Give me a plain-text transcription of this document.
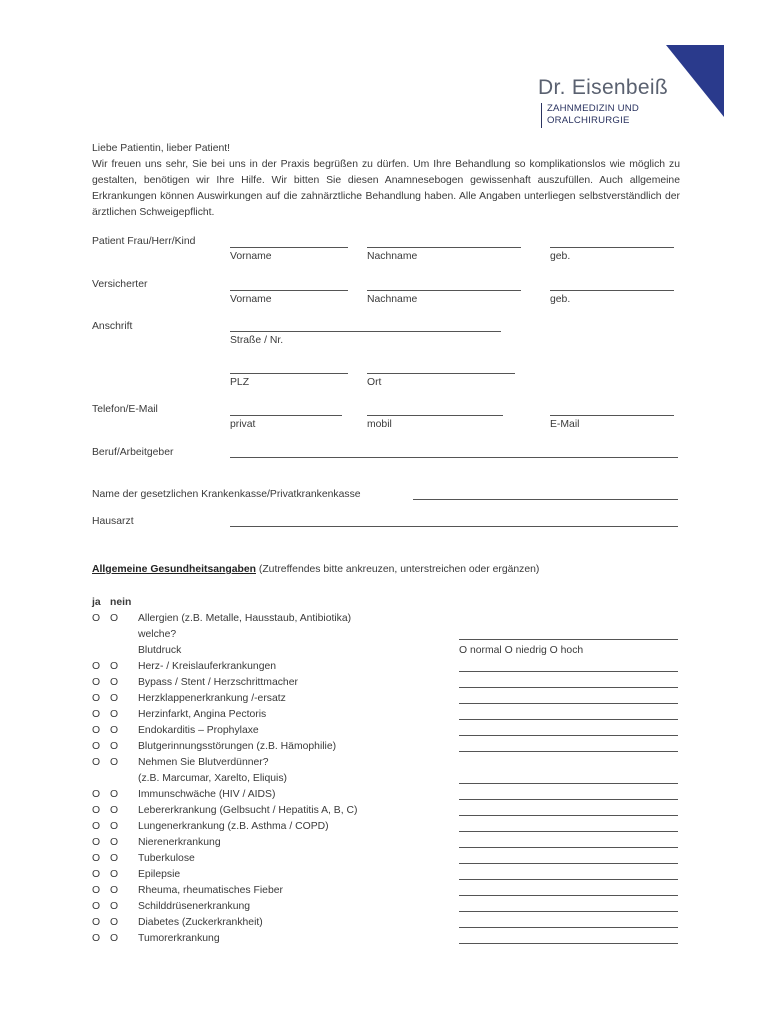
Dr. Eisenbeiß
ZAHNMEDIZIN UND
ORALCHIRURGIE
Liebe Patientin, lieber Patient!
Wir freuen uns sehr, Sie bei uns in der Praxis begrüßen zu dürfen. Um Ihre Behandlung so komplikationslos wie möglich zu gestalten, benötigen wir Ihre Hilfe. Wir bitten Sie diesen Anamnesebogen gewissenhaft auszufüllen. Auch allgemeine Erkrankungen können Auswirkungen auf die zahnärztliche Behandlung haben. Alle Angaben unterliegen selbstverständlich der ärztlichen Schweigepflicht.
Patient Frau/Herr/Kind
Vorname	Nachname	geb.
Versicherter
Vorname	Nachname	geb.
Anschrift
Straße / Nr.
PLZ	Ort
Telefon/E-Mail
privat	mobil	E-Mail
Beruf/Arbeitgeber
Name der gesetzlichen Krankenkasse/Privatkrankenkasse
Hausarzt
Allgemeine Gesundheitsangaben (Zutreffendes bitte ankreuzen, unterstreichen oder ergänzen)
ja nein
O O Allergien (z.B. Metalle, Hausstaub, Antibiotika)
welche?
Blutdruck	O normal O niedrig O hoch
O O Herz- / Kreislauferkrankungen
O O Bypass / Stent / Herzschrittmacher
O O Herzklappenerkrankung /-ersatz
O O Herzinfarkt, Angina Pectoris
O O Endokarditis – Prophylaxe
O O Blutgerinnungsstörungen (z.B. Hämophilie)
O O Nehmen Sie Blutverdünner?
(z.B. Marcumar, Xarelto, Eliquis)
O O Immunschwäche (HIV / AIDS)
O O Lebererkrankung (Gelbsucht / Hepatitis A, B, C)
O O Lungenerkrankung (z.B. Asthma / COPD)
O O Nierenerkrankung
O O Tuberkulose
O O Epilepsie
O O Rheuma, rheumatisches Fieber
O O Schilddrüsenerkrankung
O O Diabetes (Zuckerkrankheit)
O O Tumorerkrankung
